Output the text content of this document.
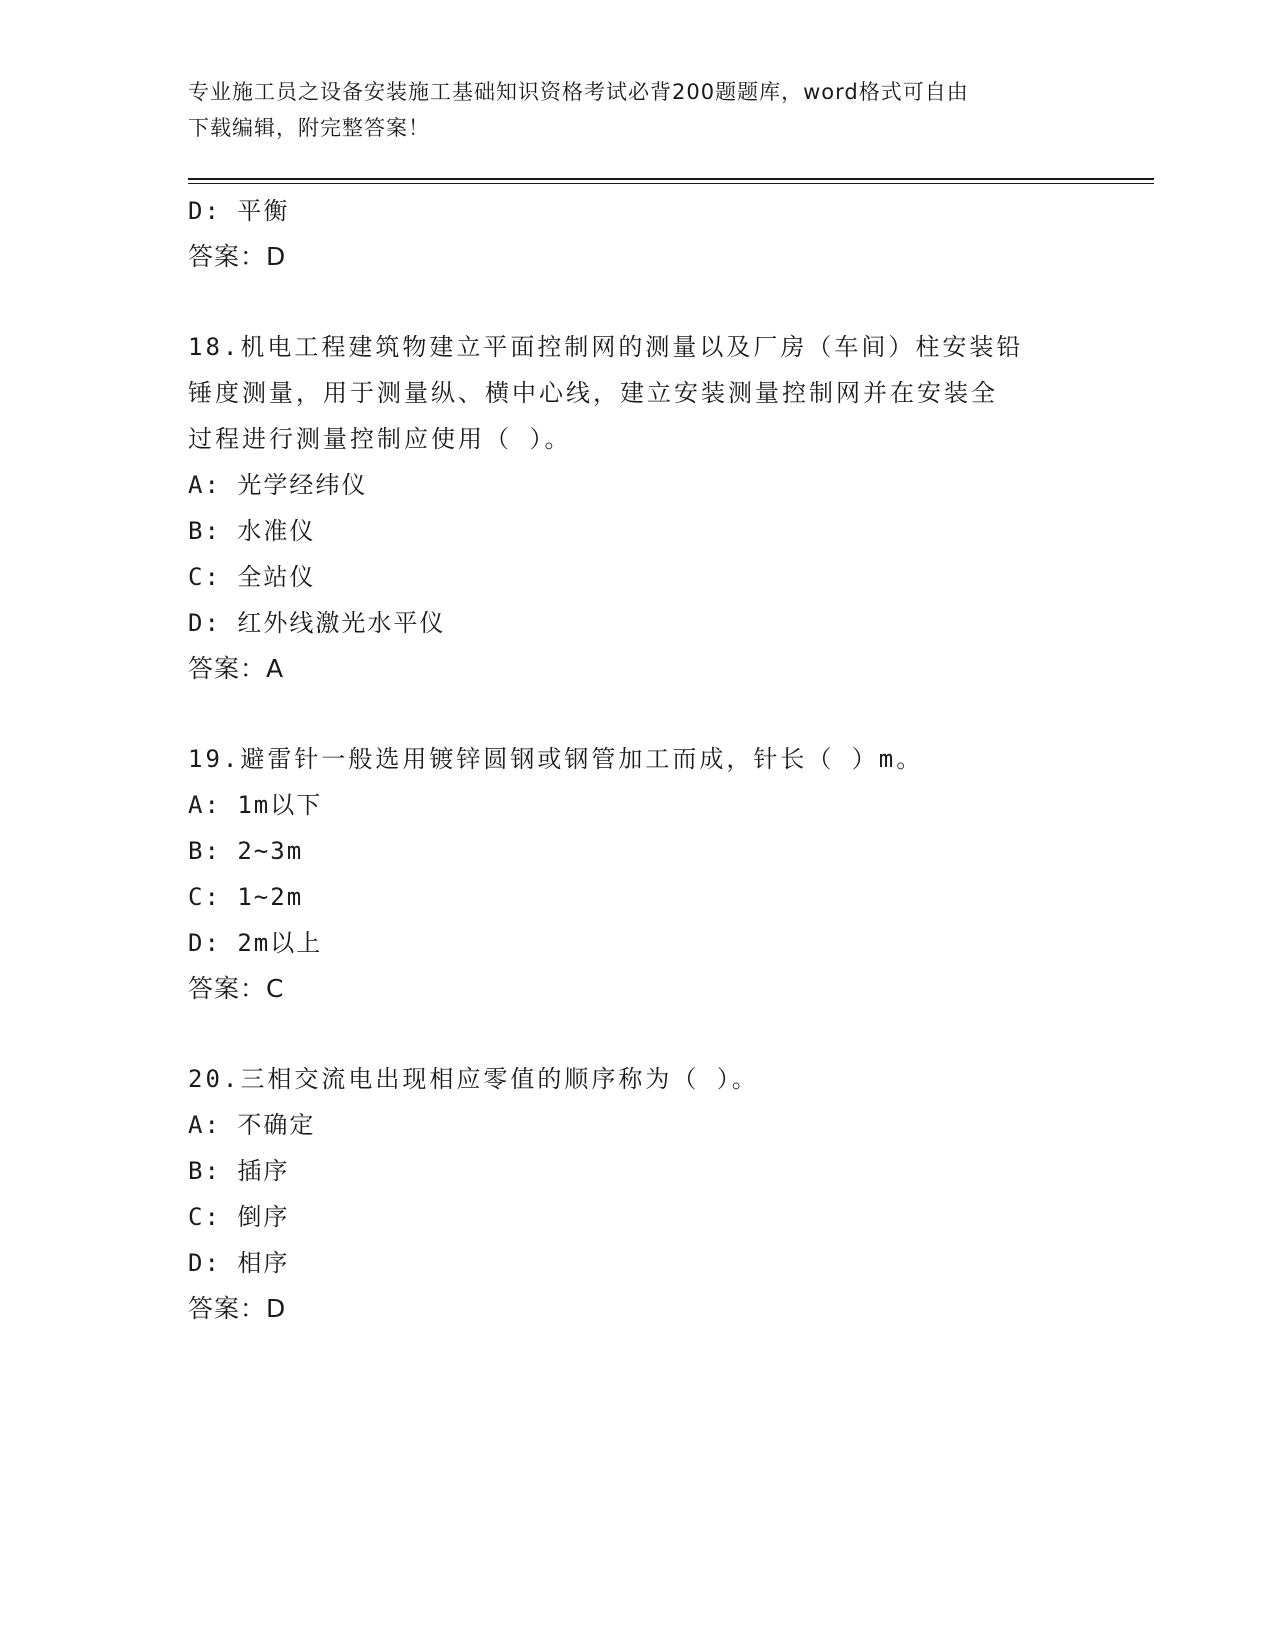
专业施工员之设备安装施工基础知识资格考试必背200题题库，word格式可自由
下载编辑，附完整答案！
D: 平衡
答案：D
18.机电工程建筑物建立平面控制网的测量以及厂房（车间）柱安装铅
锤度测量，用于测量纵、横中心线，建立安装测量控制网并在安装全
过程进行测量控制应使用（ ）。
A: 光学经纬仪
B: 水准仪
C: 全站仪
D: 红外线激光水平仪
答案：A
19.避雷针一般选用镀锌圆钢或钢管加工而成，针长（ ）m。
A: 1m以下
B: 2~3m
C: 1~2m
D: 2m以上
答案：C
20.三相交流电出现相应零值的顺序称为（ ）。
A: 不确定
B: 插序
C: 倒序
D: 相序
答案：D
